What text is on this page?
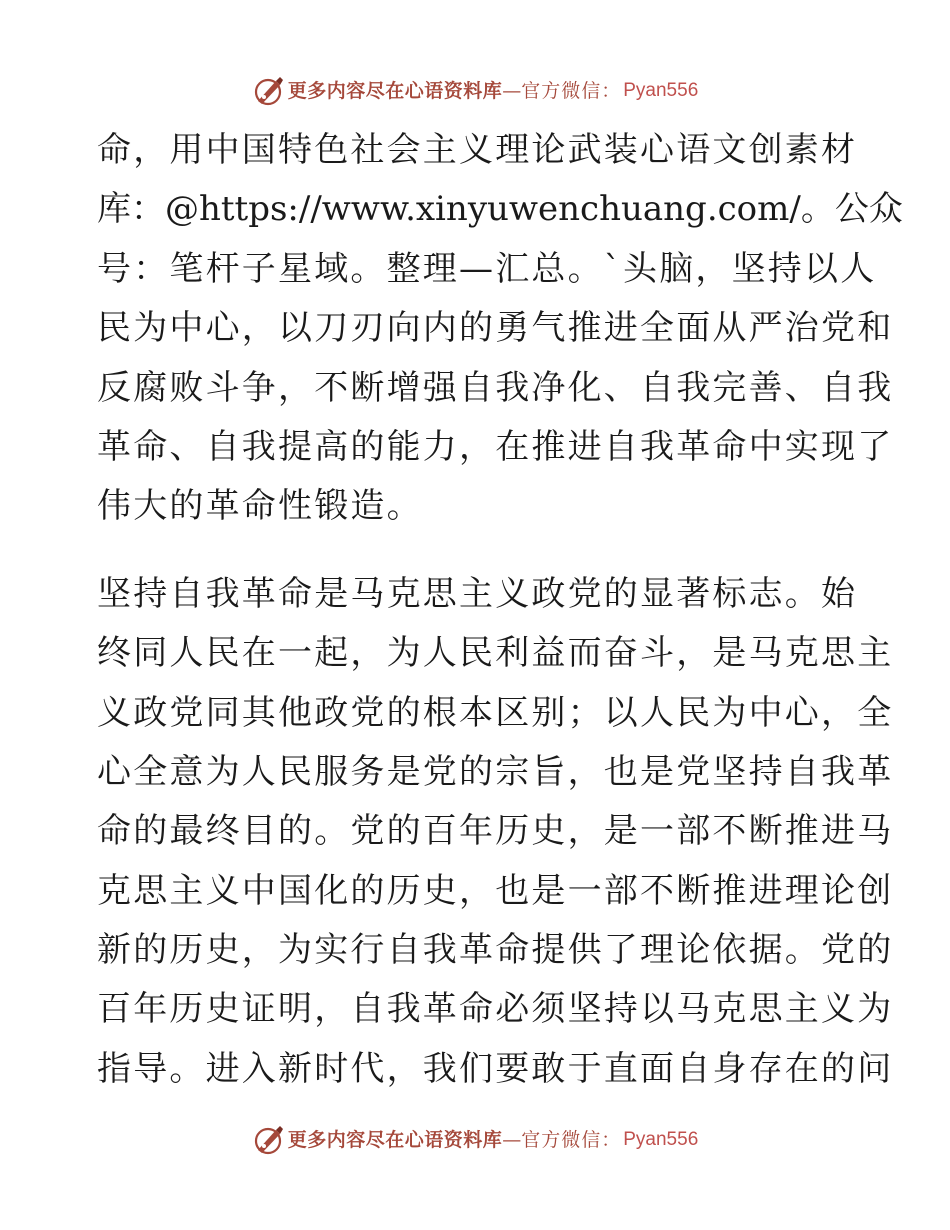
更多内容尽在心语资料库 — 官方微信： Pyan556
命，用中国特色社会主义理论武装心语文创素材
库：@https://www.xinyuwenchuang.com/。公众
号：笔杆子星域。整理—汇总。`头脑，坚持以人
民为中心，以刀刃向内的勇气推进全面从严治党和
反腐败斗争，不断增强自我净化、自我完善、自我
革命、自我提高的能力，在推进自我革命中实现了
伟大的革命性锻造。
坚持自我革命是马克思主义政党的显著标志。始
终同人民在一起，为人民利益而奋斗，是马克思主
义政党同其他政党的根本区别；以人民为中心，全
心全意为人民服务是党的宗旨，也是党坚持自我革
命的最终目的。党的百年历史，是一部不断推进马
克思主义中国化的历史，也是一部不断推进理论创
新的历史，为实行自我革命提供了理论依据。党的
百年历史证明，自我革命必须坚持以马克思主义为
指导。进入新时代，我们要敢于直面自身存在的问
更多内容尽在心语资料库 — 官方微信： Pyan556
